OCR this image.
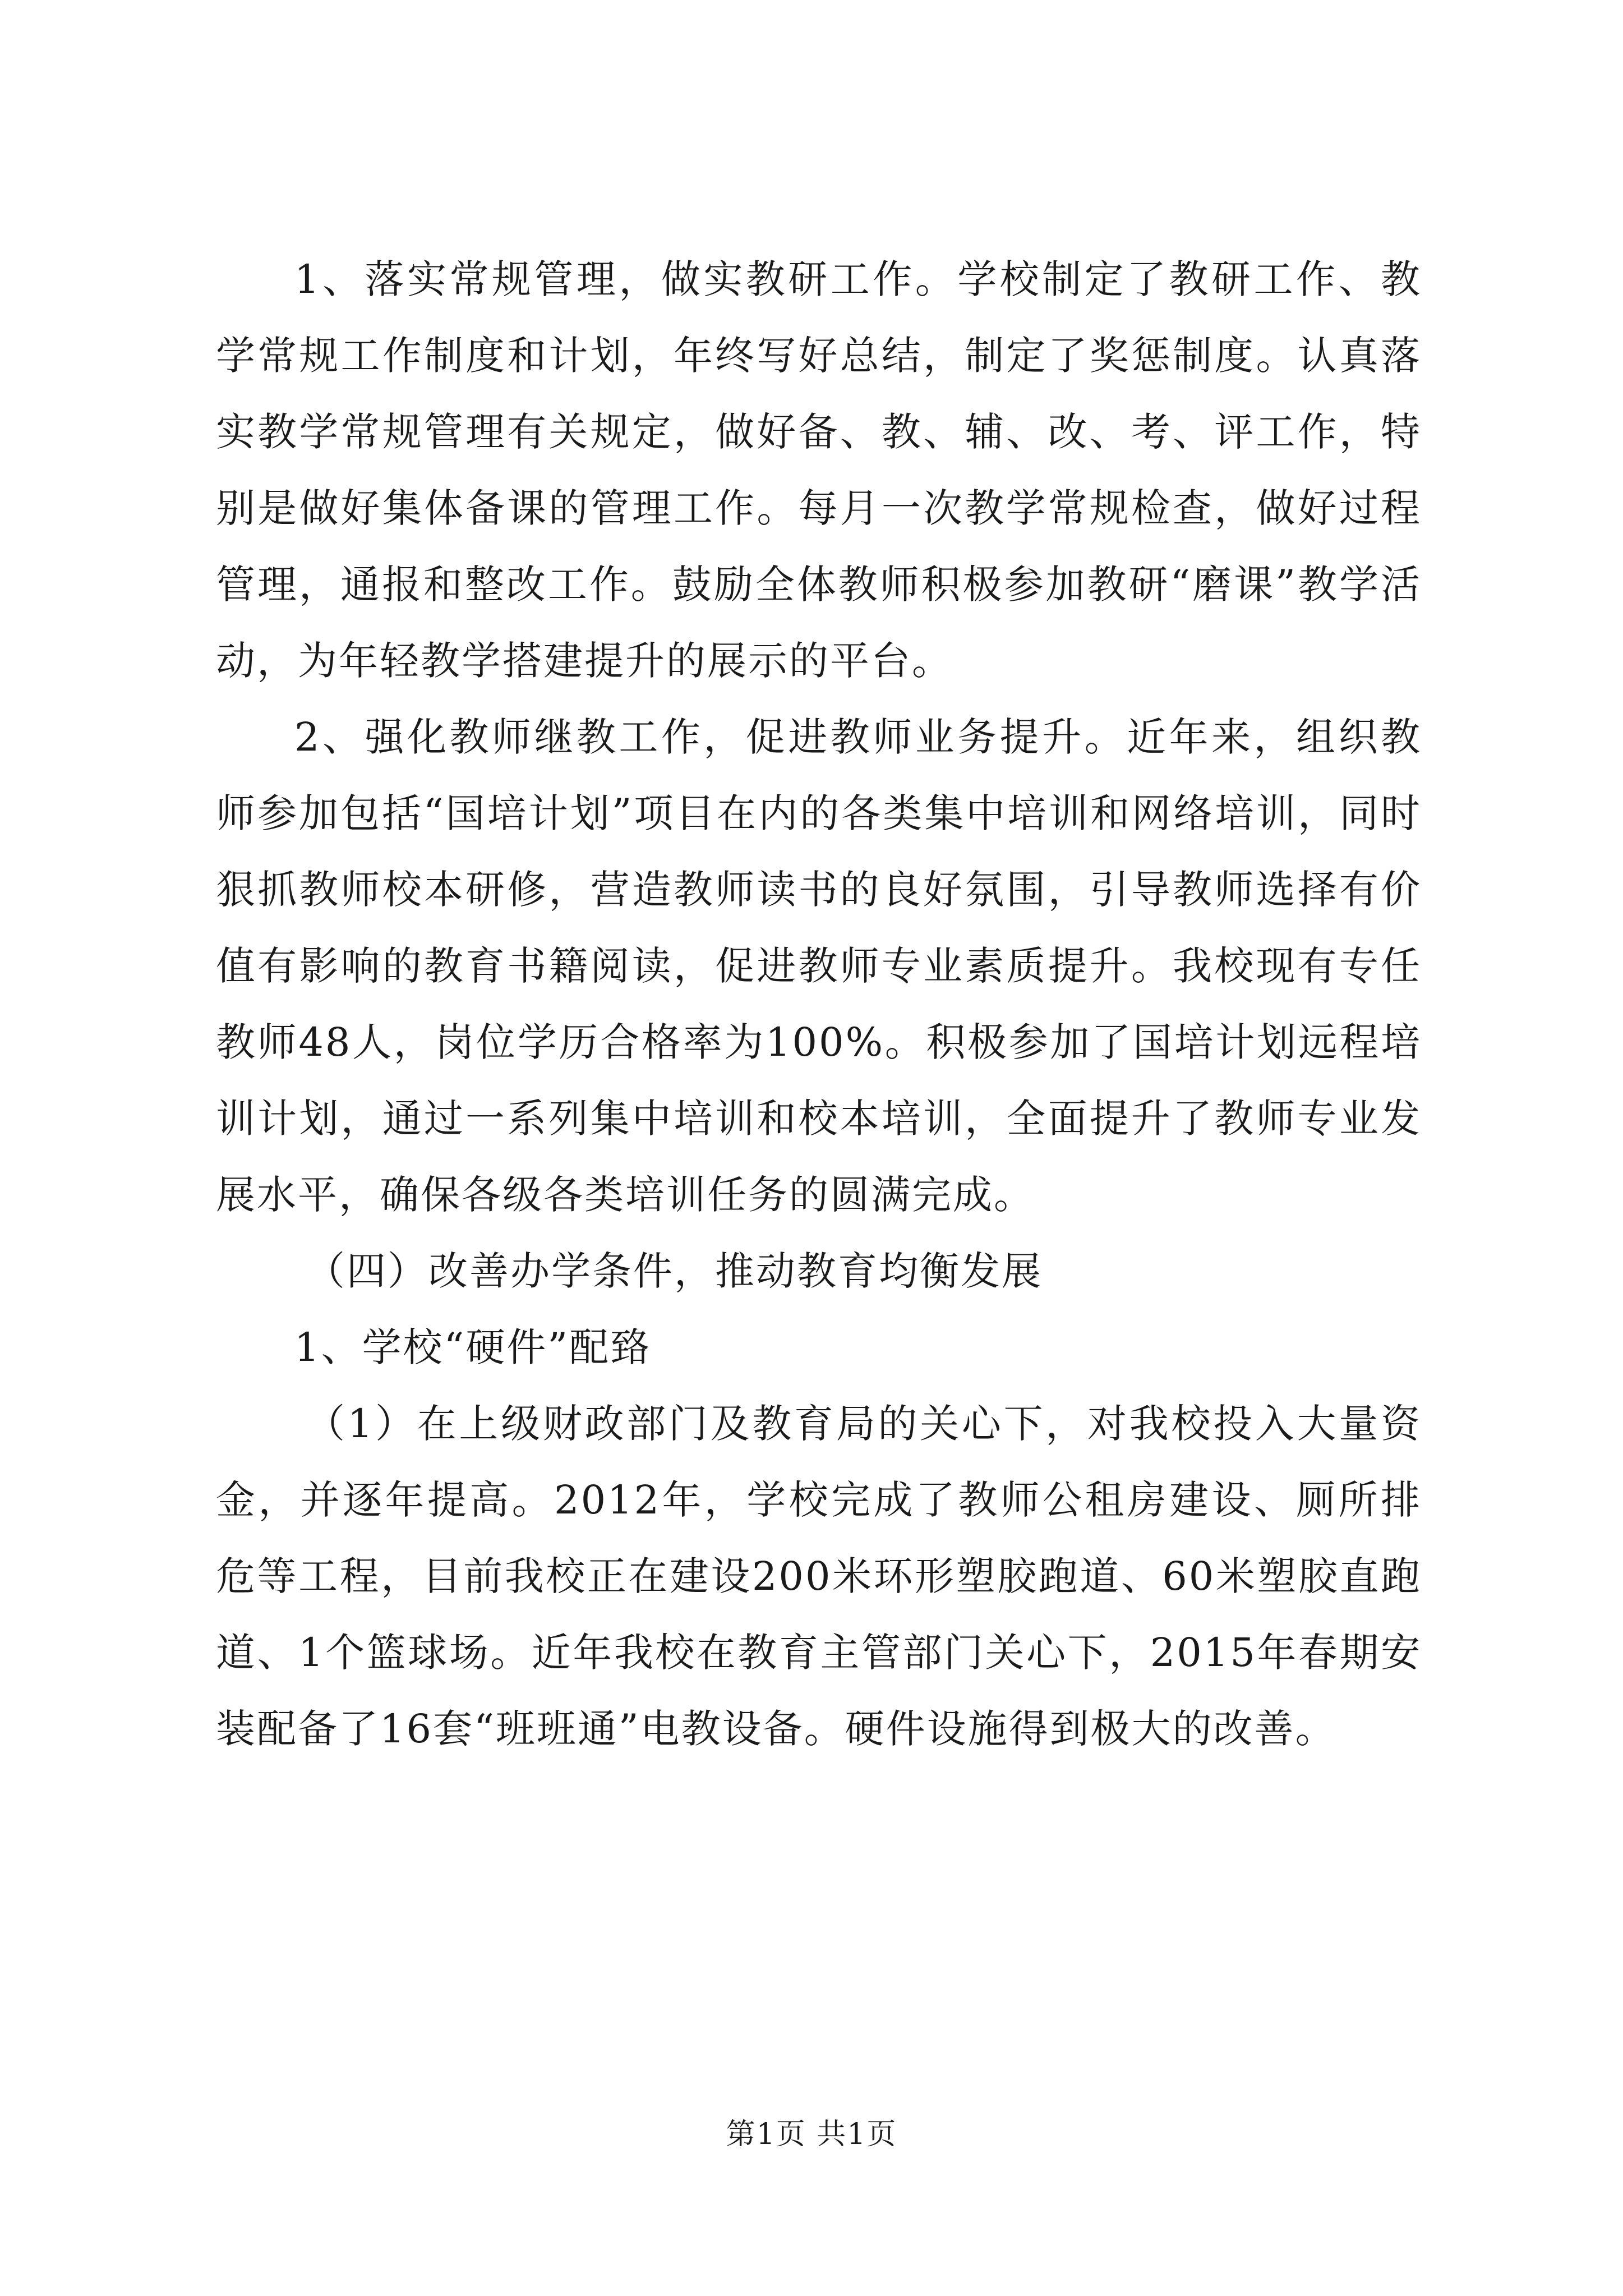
1、落实常规管理，做实教研工作。学校制定了教研工作、教学常规工作制度和计划，年终写好总结，制定了奖惩制度。认真落实教学常规管理有关规定，做好备、教、辅、改、考、评工作，特别是做好集体备课的管理工作。每月一次教学常规检查，做好过程管理，通报和整改工作。鼓励全体教师积极参加教研“磨课”教学活动，为年轻教学搭建提升的展示的平台。

2、强化教师继教工作，促进教师业务提升。近年来，组织教师参加包括“国培计划”项目在内的各类集中培训和网络培训，同时狠抓教师校本研修，营造教师读书的良好氛围，引导教师选择有价值有影响的教育书籍阅读，促进教师专业素质提升。我校现有专任教师48人，岗位学历合格率为100%。积极参加了国培计划远程培训计划，通过一系列集中培训和校本培训，全面提升了教师专业发展水平，确保各级各类培训任务的圆满完成。

（四）改善办学条件，推动教育均衡发展

1、学校“硬件”配臵

（1）在上级财政部门及教育局的关心下，对我校投入大量资金，并逐年提高。2012年，学校完成了教师公租房建设、厕所排危等工程，目前我校正在建设200米环形塑胶跑道、60米塑胶直跑道、1个篮球场。近年我校在教育主管部门关心下，2015年春期安装配备了16套“班班通”电教设备。硬件设施得到极大的改善。

第1页 共1页
